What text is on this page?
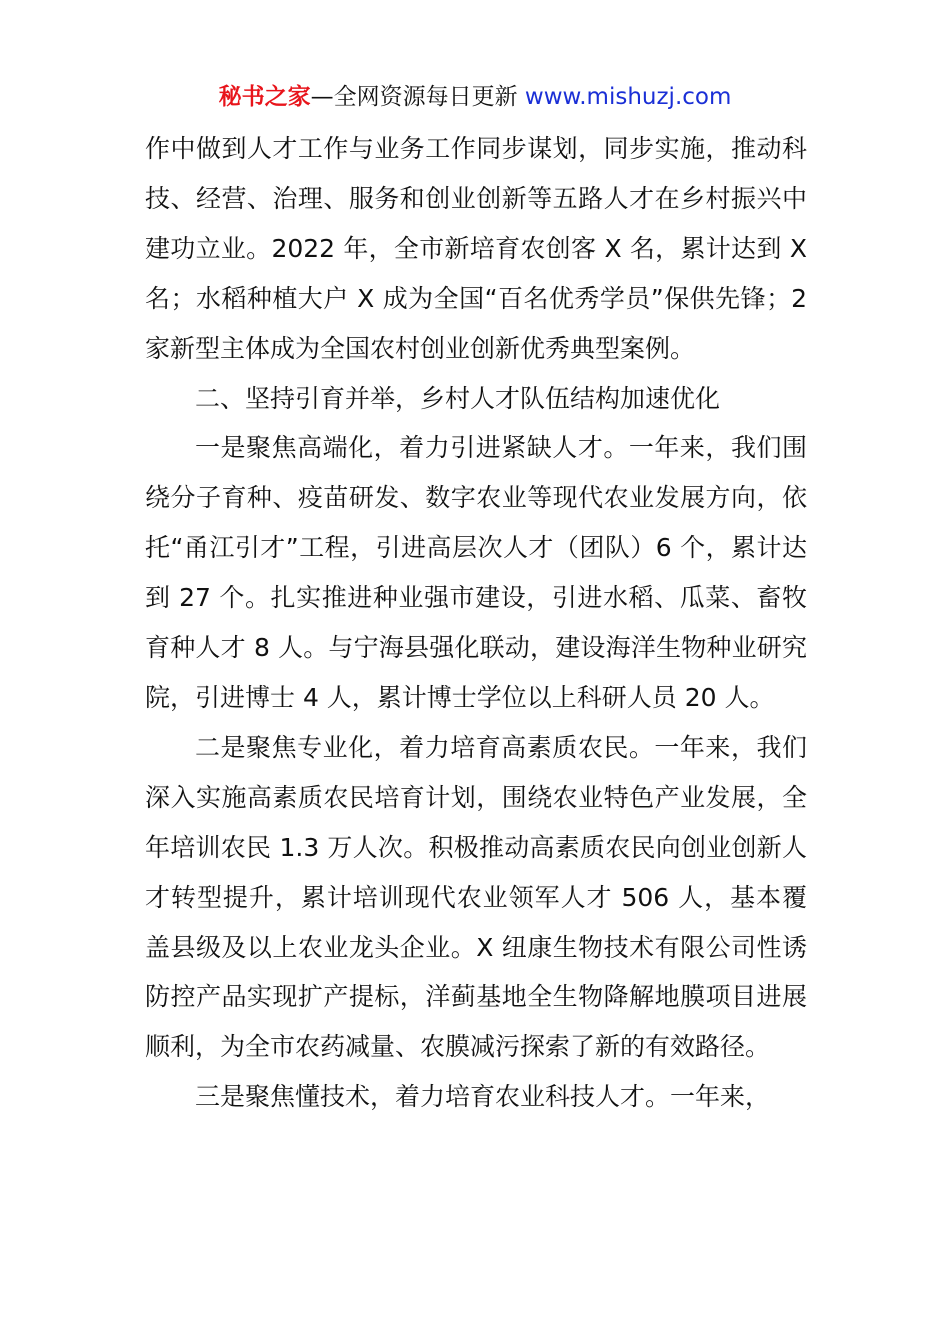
秘书之家—全网资源每日更新 www.mishuzj.com

作中做到人才工作与业务工作同步谋划，同步实施，推动科技、经营、治理、服务和创业创新等五路人才在乡村振兴中建功立业。2022 年，全市新培育农创客 X 名，累计达到 X 名；水稻种植大户 X 成为全国“百名优秀学员”保供先锋；2 家新型主体成为全国农村创业创新优秀典型案例。

二、坚持引育并举，乡村人才队伍结构加速优化

一是聚焦高端化，着力引进紧缺人才。一年来，我们围绕分子育种、疫苗研发、数字农业等现代农业发展方向，依托“甬江引才”工程，引进高层次人才（团队）6 个，累计达到 27 个。扎实推进种业强市建设，引进水稻、瓜菜、畜牧育种人才 8 人。与宁海县强化联动，建设海洋生物种业研究院，引进博士 4 人，累计博士学位以上科研人员 20 人。

二是聚焦专业化，着力培育高素质农民。一年来，我们深入实施高素质农民培育计划，围绕农业特色产业发展，全年培训农民 1.3 万人次。积极推动高素质农民向创业创新人才转型提升，累计培训现代农业领军人才 506 人，基本覆盖县级及以上农业龙头企业。X 纽康生物技术有限公司性诱防控产品实现扩产提标，洋蓟基地全生物降解地膜项目进展顺利，为全市农药减量、农膜减污探索了新的有效路径。

三是聚焦懂技术，着力培育农业科技人才。一年来，
